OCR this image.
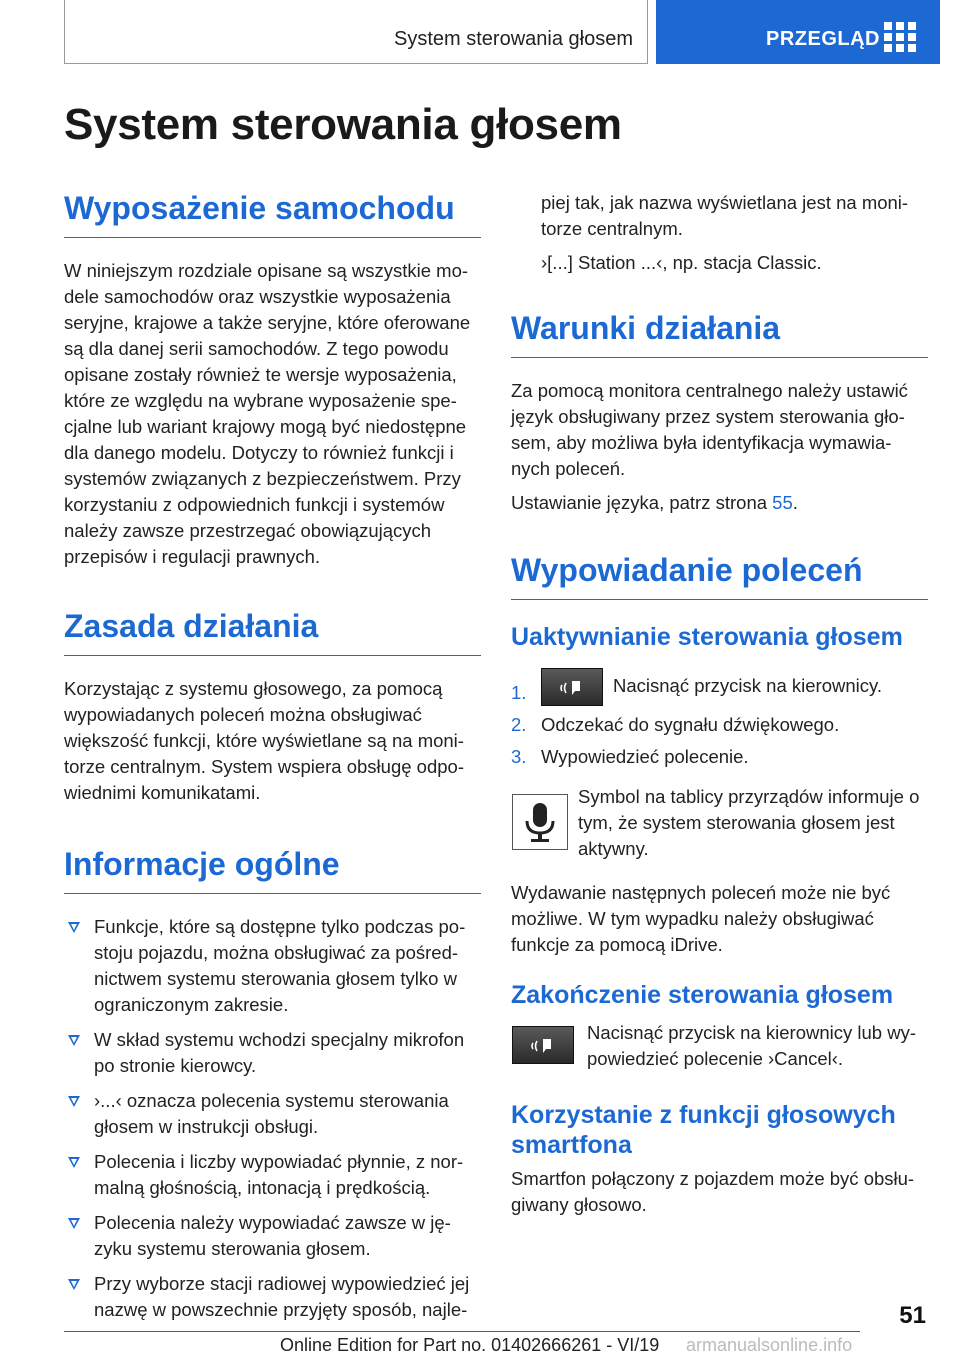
System sterowania głosem	PRZEGLĄD
System sterowania głosem
Wyposażenie samochodu

W niniejszym rozdziale opisane są wszystkie mo‐ dele samochodów oraz wszystkie wyposażenia seryjne, krajowe a także seryjne, które oferowane są dla danej serii samochodów. Z tego powodu opisane zostały również te wersje wyposażenia, które ze względu na wybrane wyposażenie spe‐ cjalne lub wariant krajowy mogą być niedostępne dla danego modelu. Dotyczy to również funkcji i systemów związanych z bezpieczeństwem. Przy korzystaniu z odpowiednich funkcji i systemów należy zawsze przestrzegać obowiązujących przepisów i regulacji prawnych.

Zasada działania

Korzystając z systemu głosowego, za pomocą wypowiadanych poleceń można obsługiwać większość funkcji, które wyświetlane są na moni‐ torze centralnym. System wspiera obsługę odpo‐ wiednimi komunikatami.

Informacje ogólne
Funkcje, które są dostępne tylko podczas po‐ stoju pojazdu, można obsługiwać za pośred‐ nictwem systemu sterowania głosem tylko w ograniczonym zakresie.
W skład systemu wchodzi specjalny mikrofon po stronie kierowcy.
›...‹ oznacza polecenia systemu sterowania głosem w instrukcji obsługi.
Polecenia i liczby wypowiadać płynnie, z nor‐ malną głośnością, intonacją i prędkością.
Polecenia należy wypowiadać zawsze w ję‐ zyku systemu sterowania głosem.
Przy wyborze stacji radiowej wypowiedzieć jej nazwę w powszechnie przyjęty sposób, najle‐

piej tak, jak nazwa wyświetlana jest na moni‐ torze centralnym.

›[...] Station ...‹, np. stacja Classic.

Warunki działania

Za pomocą monitora centralnego należy ustawić język obsługiwany przez system sterowania gło‐ sem, aby możliwa była identyfikacja wymawia‐ nych poleceń.

Ustawianie języka, patrz strona 55.

Wypowiadanie poleceń
Uaktywnianie sterowania głosem
1.	Nacisnąć przycisk na kierownicy.
2. Odczekać do sygnału dźwiękowego.
3. Wypowiedzieć polecenie.

Symbol na tablicy przyrządów informuje o tym, że system sterowania głosem jest aktywny.

Wydawanie następnych poleceń może nie być możliwe. W tym wypadku należy obsługiwać funkcje za pomocą iDrive.

Zakończenie sterowania głosem

Nacisnąć przycisk na kierownicy lub wy‐ powiedzieć polecenie ›Cancel‹.

Korzystanie z funkcji głosowych smartfona

Smartfon połączony z pojazdem może być obsłu‐ giwany głosowo.

51
Online Edition for Part no. 01402666261 - VI/19 armanualsonline.info
